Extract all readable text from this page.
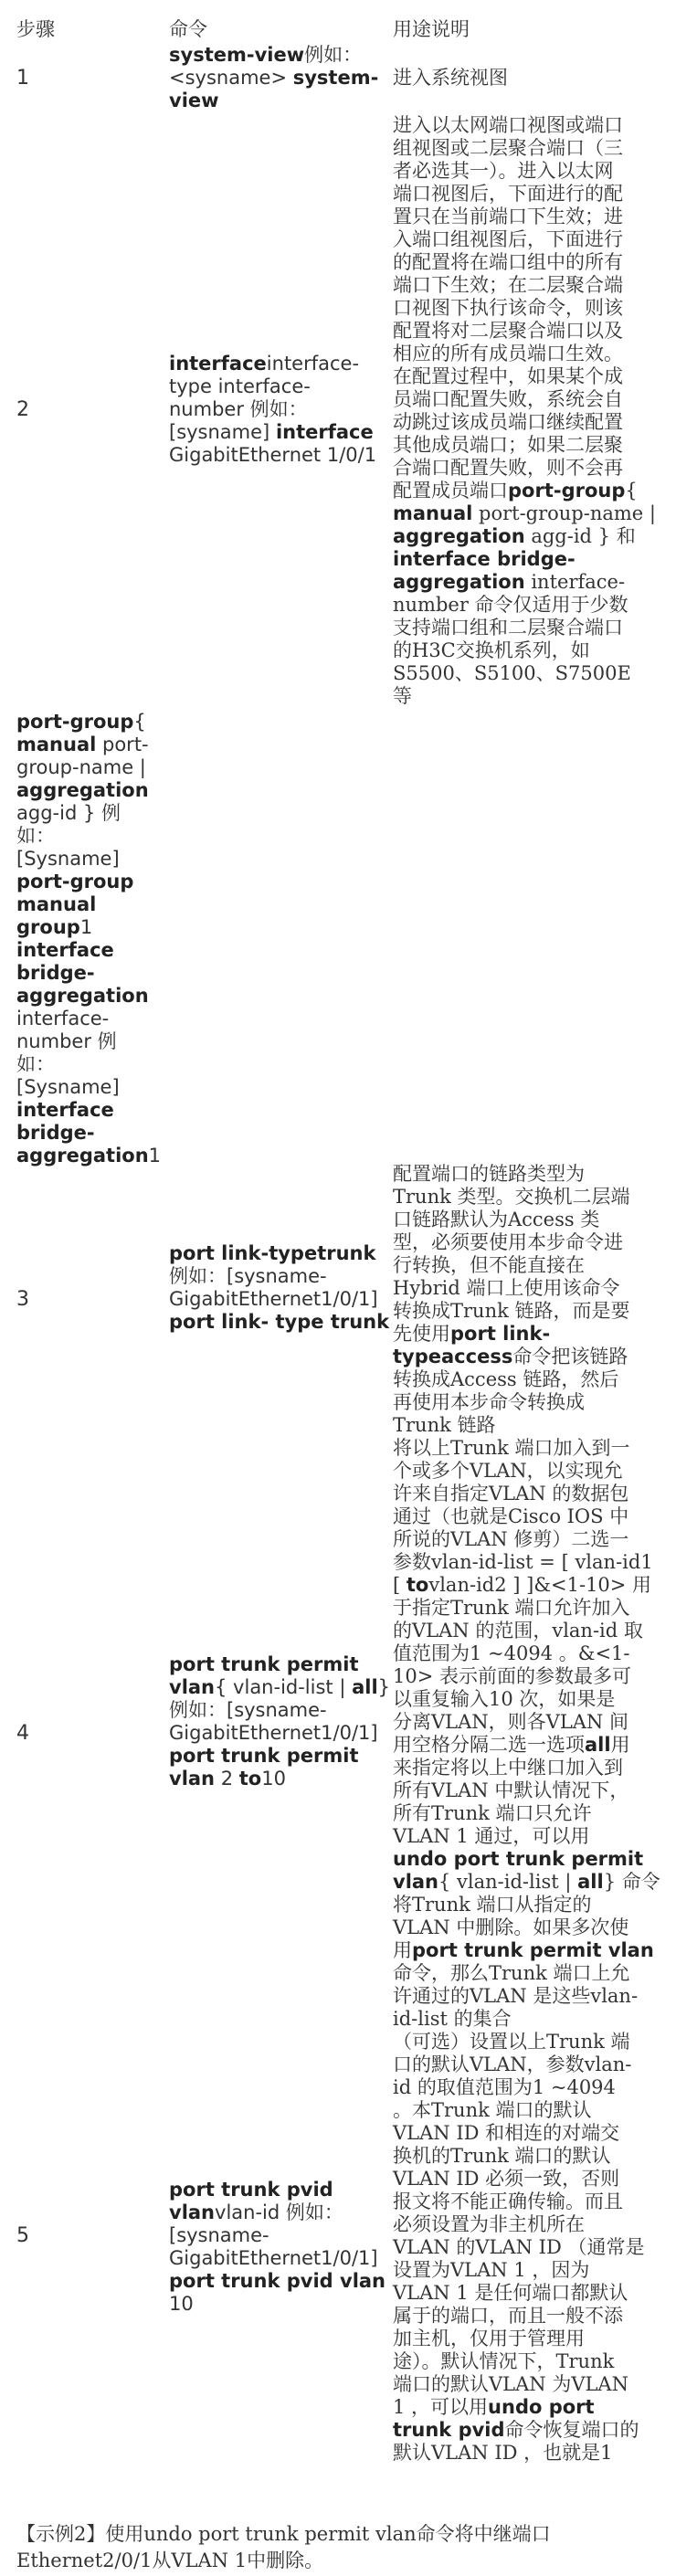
步骤	命令	用途说明
1
system-view例如：
<sysname> system-
view
进入系统视图
2
interfaceinterface-
type interface-
number 例如：
[sysname] interface
GigabitEthernet 1/0/1
进入以太网端口视图或端口
组视图或二层聚合端口（三
者必选其一）。进入以太网
端口视图后，下面进行的配
置只在当前端口下生效；进
入端口组视图后，下面进行
的配置将在端口组中的所有
端口下生效；在二层聚合端
口视图下执行该命令，则该
配置将对二层聚合端口以及
相应的所有成员端口生效。
在配置过程中，如果某个成
员端口配置失败，系统会自
动跳过该成员端口继续配置
其他成员端口；如果二层聚
合端口配置失败，则不会再
配置成员端口port-group{
manual port-group-name |
aggregation agg-id } 和
interface bridge-
aggregation interface-
number 命令仅适用于少数
支持端口组和二层聚合端口
的H3C交换机系列，如
S5500、S5100、S7500E
等
port-group{
manual port-
group-name |
aggregation
agg-id } 例
如：
[Sysname]
port-group
manual
group1
interface
bridge-
aggregation
interface-
number 例
如：
[Sysname]
interface
bridge-
aggregation1
3
port link-typetrunk
例如：[sysname-
GigabitEthernet1/0/1]
port link- type trunk
配置端口的链路类型为
Trunk 类型。交换机二层端
口链路默认为Access 类
型，必须要使用本步命令进
行转换，但不能直接在
Hybrid 端口上使用该命令
转换成Trunk 链路，而是要
先使用port link-
typeaccess命令把该链路
转换成Access 链路，然后
再使用本步命令转换成
Trunk 链路
4
port trunk permit
vlan{ vlan-id-list | all}
例如：[sysname-
GigabitEthernet1/0/1]
port trunk permit
vlan 2 to10
将以上Trunk 端口加入到一
个或多个VLAN，以实现允
许来自指定VLAN 的数据包
通过（也就是Cisco IOS 中
所说的VLAN 修剪）二选一
参数vlan-id-list = [ vlan-id1
[ tovlan-id2 ] ]&<1-10> 用
于指定Trunk 端口允许加入
的VLAN 的范围，vlan-id 取
值范围为1 ~4094 。&<1-
10> 表示前面的参数最多可
以重复输入10 次，如果是
分离VLAN，则各VLAN 间
用空格分隔二选一选项all用
来指定将以上中继口加入到
所有VLAN 中默认情况下，
所有Trunk 端口只允许
VLAN 1 通过，可以用
undo port trunk permit
vlan{ vlan-id-list | all} 命令
将Trunk 端口从指定的
VLAN 中删除。如果多次使
用port trunk permit vlan
命令，那么Trunk 端口上允
许通过的VLAN 是这些vlan-
id-list 的集合
5
port trunk pvid
vlanvlan-id 例如：
[sysname-
GigabitEthernet1/0/1]
port trunk pvid vlan
10
（可选）设置以上Trunk 端
口的默认VLAN，参数vlan-
id 的取值范围为1 ~4094
。本Trunk 端口的默认
VLAN ID 和相连的对端交
换机的Trunk 端口的默认
VLAN ID 必须一致，否则
报文将不能正确传输。而且
必须设置为非主机所在
VLAN 的VLAN ID （通常是
设置为VLAN 1 ，因为
VLAN 1 是任何端口都默认
属于的端口，而且一般不添
加主机，仅用于管理用
途）。默认情况下，Trunk
端口的默认VLAN 为VLAN
1 ，可以用undo port
trunk pvid命令恢复端口的
默认VLAN ID ，也就是1
【示例2】使用undo port trunk permit vlan命令将中继端口
Ethernet2/0/1从VLAN 1中删除。
